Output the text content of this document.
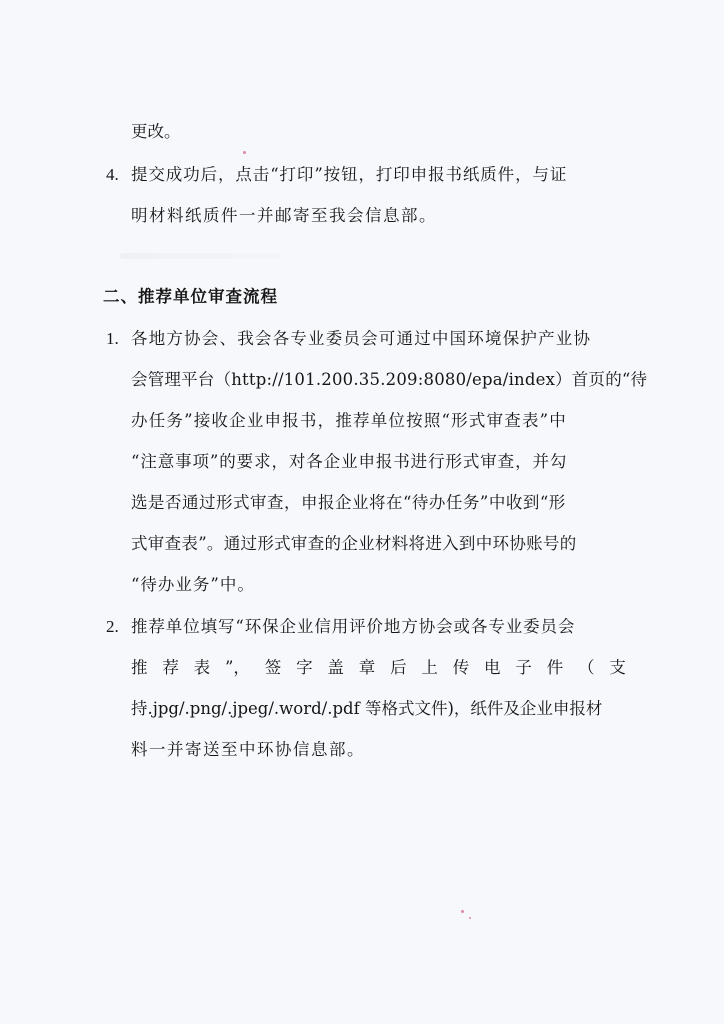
更改。
4. 提交成功后，点击“打印”按钮，打印申报书纸质件，与证
明材料纸质件一并邮寄至我会信息部。
二、推荐单位审查流程
1. 各地方协会、我会各专业委员会可通过中国环境保护产业协
会管理平台（http://101.200.35.209:8080/epa/index）首页的“待
办任务”接收企业申报书，推荐单位按照“形式审查表”中
“注意事项”的要求，对各企业申报书进行形式审查，并勾
选是否通过形式审查，申报企业将在“待办任务”中收到“形
式审查表”。通过形式审查的企业材料将进入到中环协账号的
“待办业务”中。
2. 推荐单位填写“环保企业信用评价地方协会或各专业委员会
推 荐 表 ”， 签 字 盖 章 后 上 传 电 子 件 （ 支
持.jpg/.png/.jpeg/.word/.pdf 等格式文件)，纸件及企业申报材
料一并寄送至中环协信息部。
